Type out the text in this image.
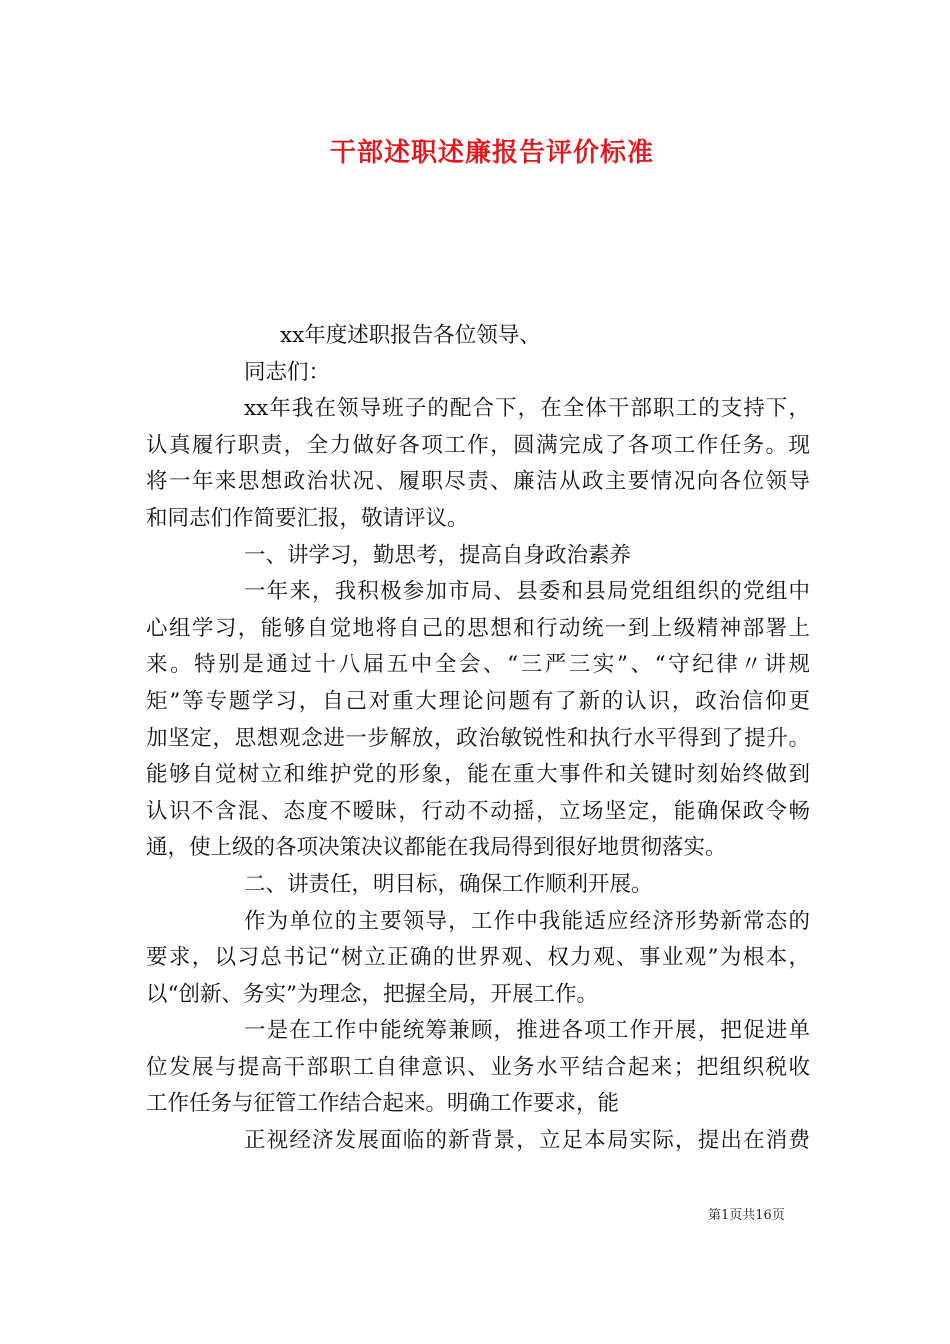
干部述职述廉报告评价标准
xx年度述职报告各位领导、
同志们：
xx年我在领导班子的配合下，在全体干部职工的支持下，
认真履行职责，全力做好各项工作，圆满完成了各项工作任务。现
将一年来思想政治状况、履职尽责、廉洁从政主要情况向各位领导
和同志们作简要汇报，敬请评议。
一、讲学习，勤思考，提高自身政治素养
一年来，我积极参加市局、县委和县局党组组织的党组中
心组学习，能够自觉地将自己的思想和行动统一到上级精神部署上
来。特别是通过十八届五中全会、“三严三实”、“守纪律〃讲规
矩”等专题学习，自己对重大理论问题有了新的认识，政治信仰更
加坚定，思想观念进一步解放，政治敏锐性和执行水平得到了提升。
能够自觉树立和维护党的形象，能在重大事件和关键时刻始终做到
认识不含混、态度不暧昧，行动不动摇，立场坚定，能确保政令畅
通，使上级的各项决策决议都能在我局得到很好地贯彻落实。
二、讲责任，明目标，确保工作顺利开展。
作为单位的主要领导，工作中我能适应经济形势新常态的
要求，以习总书记“树立正确的世界观、权力观、事业观”为根本，
以“创新、务实”为理念，把握全局，开展工作。
一是在工作中能统筹兼顾，推进各项工作开展，把促进单
位发展与提高干部职工自律意识、业务水平结合起来；把组织税收
工作任务与征管工作结合起来。明确工作要求，能
正视经济发展面临的新背景，立足本局实际，提出在消费
第1页共16页
